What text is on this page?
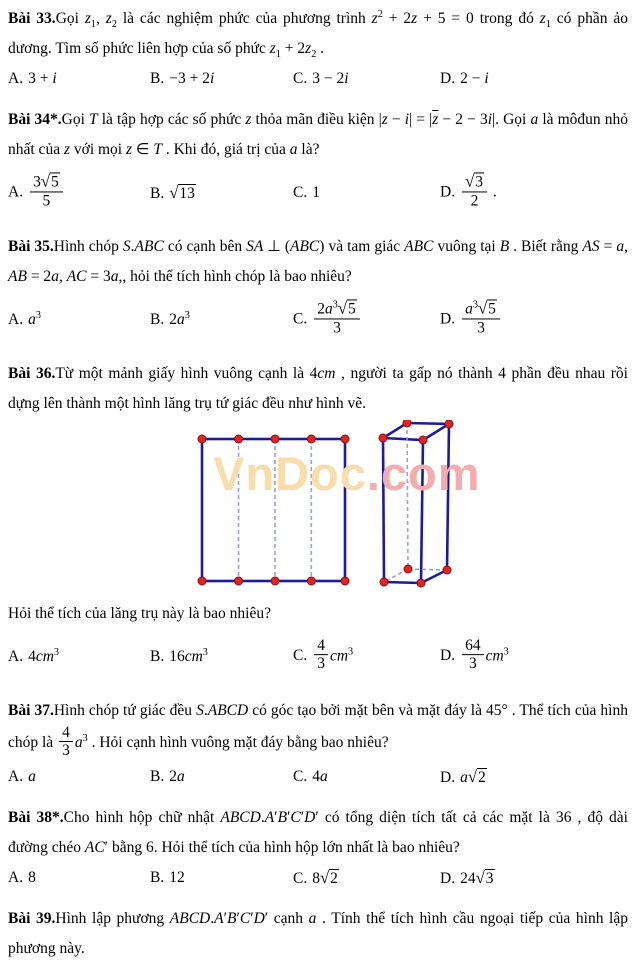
Bài 33.Gọi $z_1$, $z_2$ là các nghiệm phức của phương trình $z^2 + 2z + 5 = 0$ trong đó $z_1$ có phần ảo dương. Tìm số phức liên hợp của số phức $z_1 + 2z_2$ .

A. 3 + i	B. −3 + 2i	C. 3 − 2i	D. 2 − i

Bài 34*.Gọi T là tập hợp các số phức z thỏa mãn điều kiện $|z - i| = |\overline{z} - 2 - 3i|$. Gọi a là môđun nhỏ nhất của z với mọi z ∈ T . Khi đó, giá trị của a là?

A. $\frac{3√5}{5}$	B. √13	C. 1	D. $\frac{√3}{2}$ .

Bài 35.Hình chóp S.ABC có cạnh bên SA ⊥ (ABC) và tam giác ABC vuông tại B . Biết rằng AS = a, AB = 2a, AC = 3a,, hỏi thể tích hình chóp là bao nhiêu?

A. $a^3$	B. $2a^3$	C. $\frac{2a^3√5}{3}$	D. $\frac{a^3√5}{3}$

Bài 36.Từ một mảnh giấy hình vuông cạnh là 4cm , người ta gấp nó thành 4 phần đều nhau rồi dựng lên thành một hình lăng trụ tứ giác đều như hình vẽ.

VnDoc.com

Hỏi thể tích của lăng trụ này là bao nhiêu?

A. $4cm^3$	B. $16cm^3$	C. $\frac{4}{3} cm^3$	D. $\frac{64}{3} cm^3$

Bài 37.Hình chóp tứ giác đều S.ABCD có góc tạo bởi mặt bên và mặt đáy là 45° . Thể tích của hình chóp là $\frac{4}{3} a^3$ . Hỏi cạnh hình vuông mặt đáy bằng bao nhiêu?

A. a	B. 2a	C. 4a	D. a√2

Bài 38*.Cho hình hộp chữ nhật ABCD.A′B′C′D′ có tổng diện tích tất cả các mặt là 36 , độ dài đường chéo AC′ bằng 6. Hỏi thể tích của hình hộp lớn nhất là bao nhiêu?

A. 8	B. 12	C. 8√2	D. 24√3

Bài 39.Hình lập phương ABCD.A′B′C′D′ cạnh a . Tính thể tích hình cầu ngoại tiếp của hình lập phương này.
